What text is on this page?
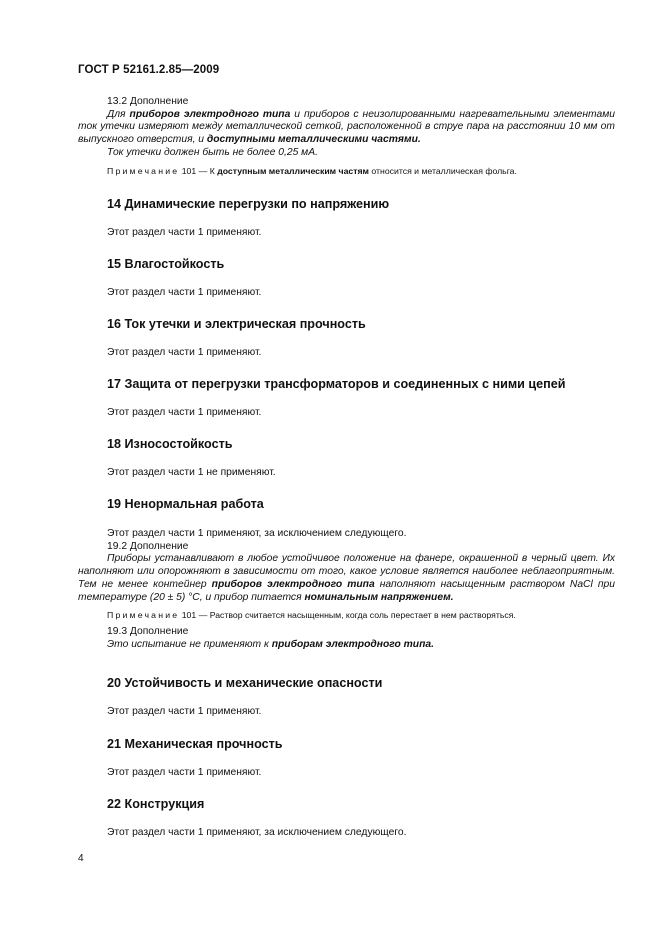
ГОСТ Р 52161.2.85—2009

13.2 Дополнение

Для приборов электродного типа и приборов с неизолированными нагревательными элементами ток утечки измеряют между металлической сеткой, расположенной в струе пара на расстоянии 10 мм от выпускного отверстия, и доступными металлическими частями.

Ток утечки должен быть не более 0,25 мА.

Примечание 101 — К доступным металлическим частям относится и металлическая фольга.

14 Динамические перегрузки по напряжению

Этот раздел части 1 применяют.

15 Влагостойкость

Этот раздел части 1 применяют.

16 Ток утечки и электрическая прочность

Этот раздел части 1 применяют.

17 Защита от перегрузки трансформаторов и соединенных с ними цепей

Этот раздел части 1 применяют.

18 Износостойкость

Этот раздел части 1 не применяют.

19 Ненормальная работа

Этот раздел части 1 применяют, за исключением следующего.

19.2 Дополнение

Приборы устанавливают в любое устойчивое положение на фанере, окрашенной в черный цвет. Их наполняют или опорожняют в зависимости от того, какое условие является наиболее неблагоприятным. Тем не менее контейнер приборов электродного типа наполняют насыщенным раствором NaCl при температуре (20 ± 5) °С, и прибор питается номинальным напряжением.

Примечание 101 — Раствор считается насыщенным, когда соль перестает в нем растворяться.

19.3 Дополнение

Это испытание не применяют к приборам электродного типа.

20 Устойчивость и механические опасности

Этот раздел части 1 применяют.

21 Механическая прочность

Этот раздел части 1 применяют.

22 Конструкция

Этот раздел части 1 применяют, за исключением следующего.

4
